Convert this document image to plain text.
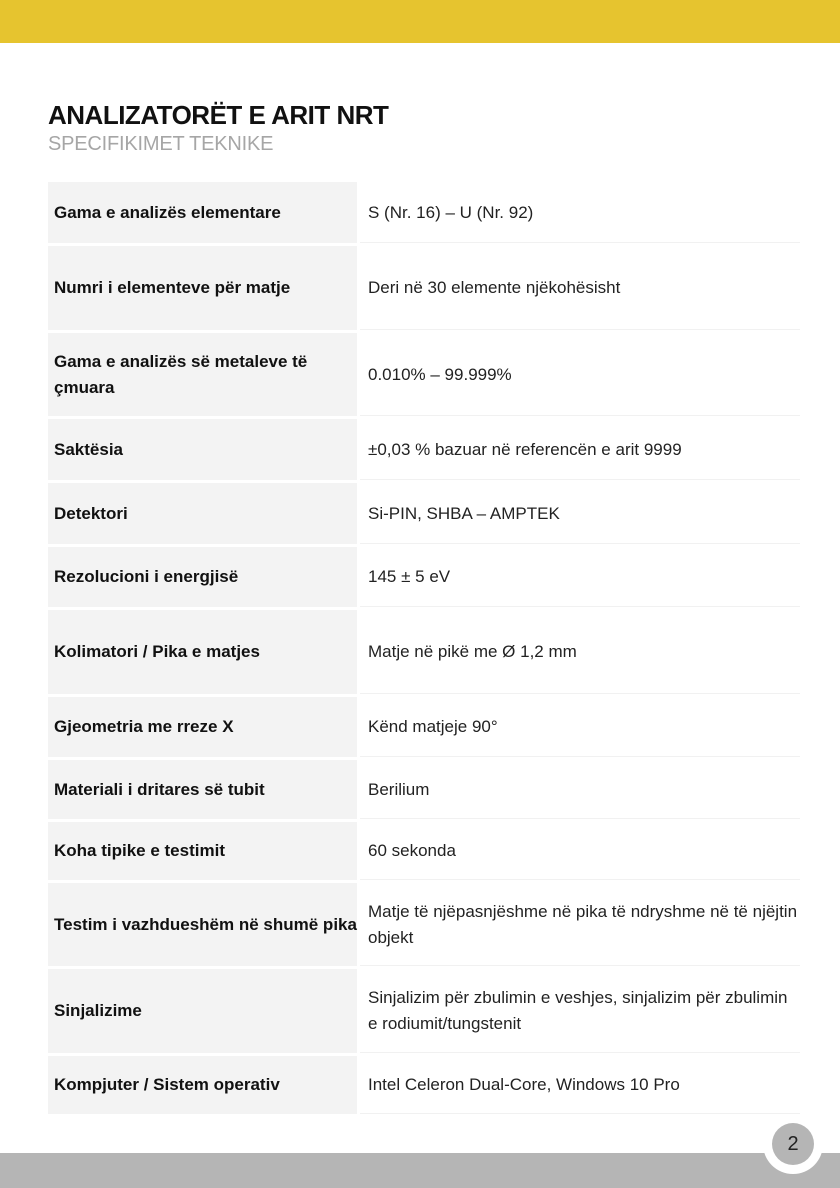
ANALIZATORËT E ARIT NRT
SPECIFIKIMET TEKNIKE
Gama e analizës elementare	S (Nr. 16) – U (Nr. 92)
Numri i elementeve për matje	Deri në 30 elemente njëkohësisht
Gama e analizës së metaleve të çmuara	0.010% – 99.999%
Saktësia	±0,03 % bazuar në referencën e arit 9999
Detektori	Si-PIN, SHBA – AMPTEK
Rezolucioni i energjisë	145 ± 5 eV
Kolimatori / Pika e matjes	Matje në pikë me Ø 1,2 mm
Gjeometria me rreze X	Kënd matjeje 90°
Materiali i dritares së tubit	Berilium
Koha tipike e testimit	60 sekonda
Testim i vazhdueshëm në shumë pika	Matje të njëpasnjëshme në pika të ndryshme në të njëjtin objekt
Sinjalizime	Sinjalizim për zbulimin e veshjes, sinjalizim për zbulimin e rodiumit/tungstenit
Kompjuter / Sistem operativ	Intel Celeron Dual-Core, Windows 10 Pro
2
